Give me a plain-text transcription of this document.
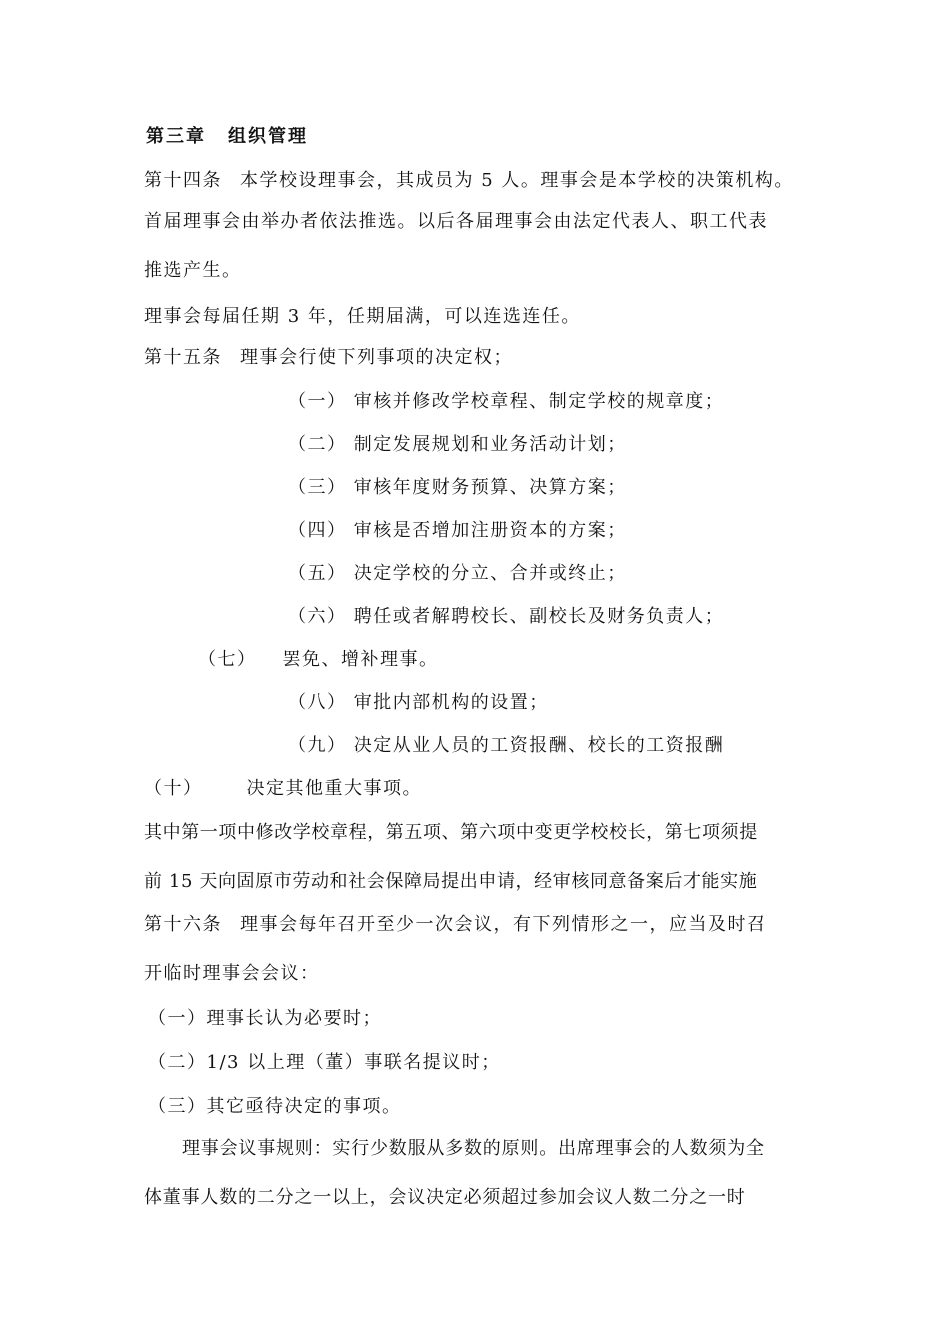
第三章 组织管理
第十四条 本学校设理事会，其成员为 5 人。理事会是本学校的决策机构。
首届理事会由举办者依法推选。以后各届理事会由法定代表人、职工代表
推选产生。
理事会每届任期 3 年，任期届满，可以连选连任。
第十五条 理事会行使下列事项的决定权；
（一） 审核并修改学校章程、制定学校的规章度；
（二） 制定发展规划和业务活动计划；
（三） 审核年度财务预算、决算方案；
（四） 审核是否增加注册资本的方案；
（五） 决定学校的分立、合并或终止；
（六） 聘任或者解聘校长、副校长及财务负责人；
（七） 罢免、增补理事。
（八） 审批内部机构的设置；
（九） 决定从业人员的工资报酬、校长的工资报酬
（十） 决定其他重大事项。
其中第一项中修改学校章程，第五项、第六项中变更学校校长，第七项须提
前 15 天向固原市劳动和社会保障局提出申请，经审核同意备案后才能实施
第十六条 理事会每年召开至少一次会议，有下列情形之一，应当及时召
开临时理事会会议：
（一）理事长认为必要时；
（二）1/3 以上理（董）事联名提议时；
（三）其它亟待决定的事项。
理事会议事规则：实行少数服从多数的原则。出席理事会的人数须为全
体董事人数的二分之一以上，会议决定必须超过参加会议人数二分之一时
